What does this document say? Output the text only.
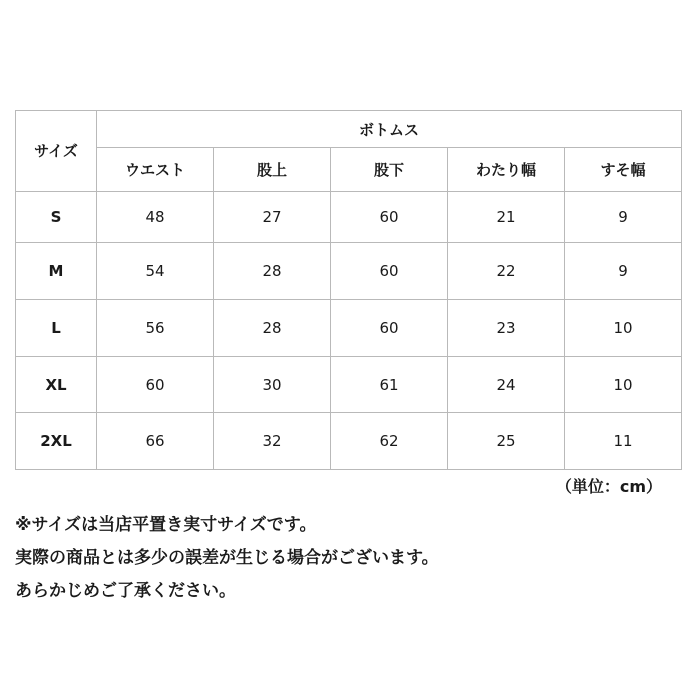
サイズ	ボトムス				
	ウエスト	股上	股下	わたり幅	すそ幅
S	48	27	60	21	9
M	54	28	60	22	9
L	56	28	60	23	10
XL	60	30	61	24	10
2XL	66	32	62	25	11
（単位：cm）
※サイズは当店平置き実寸サイズです。
実際の商品とは多少の誤差が生じる場合がございます。
あらかじめご了承ください。
